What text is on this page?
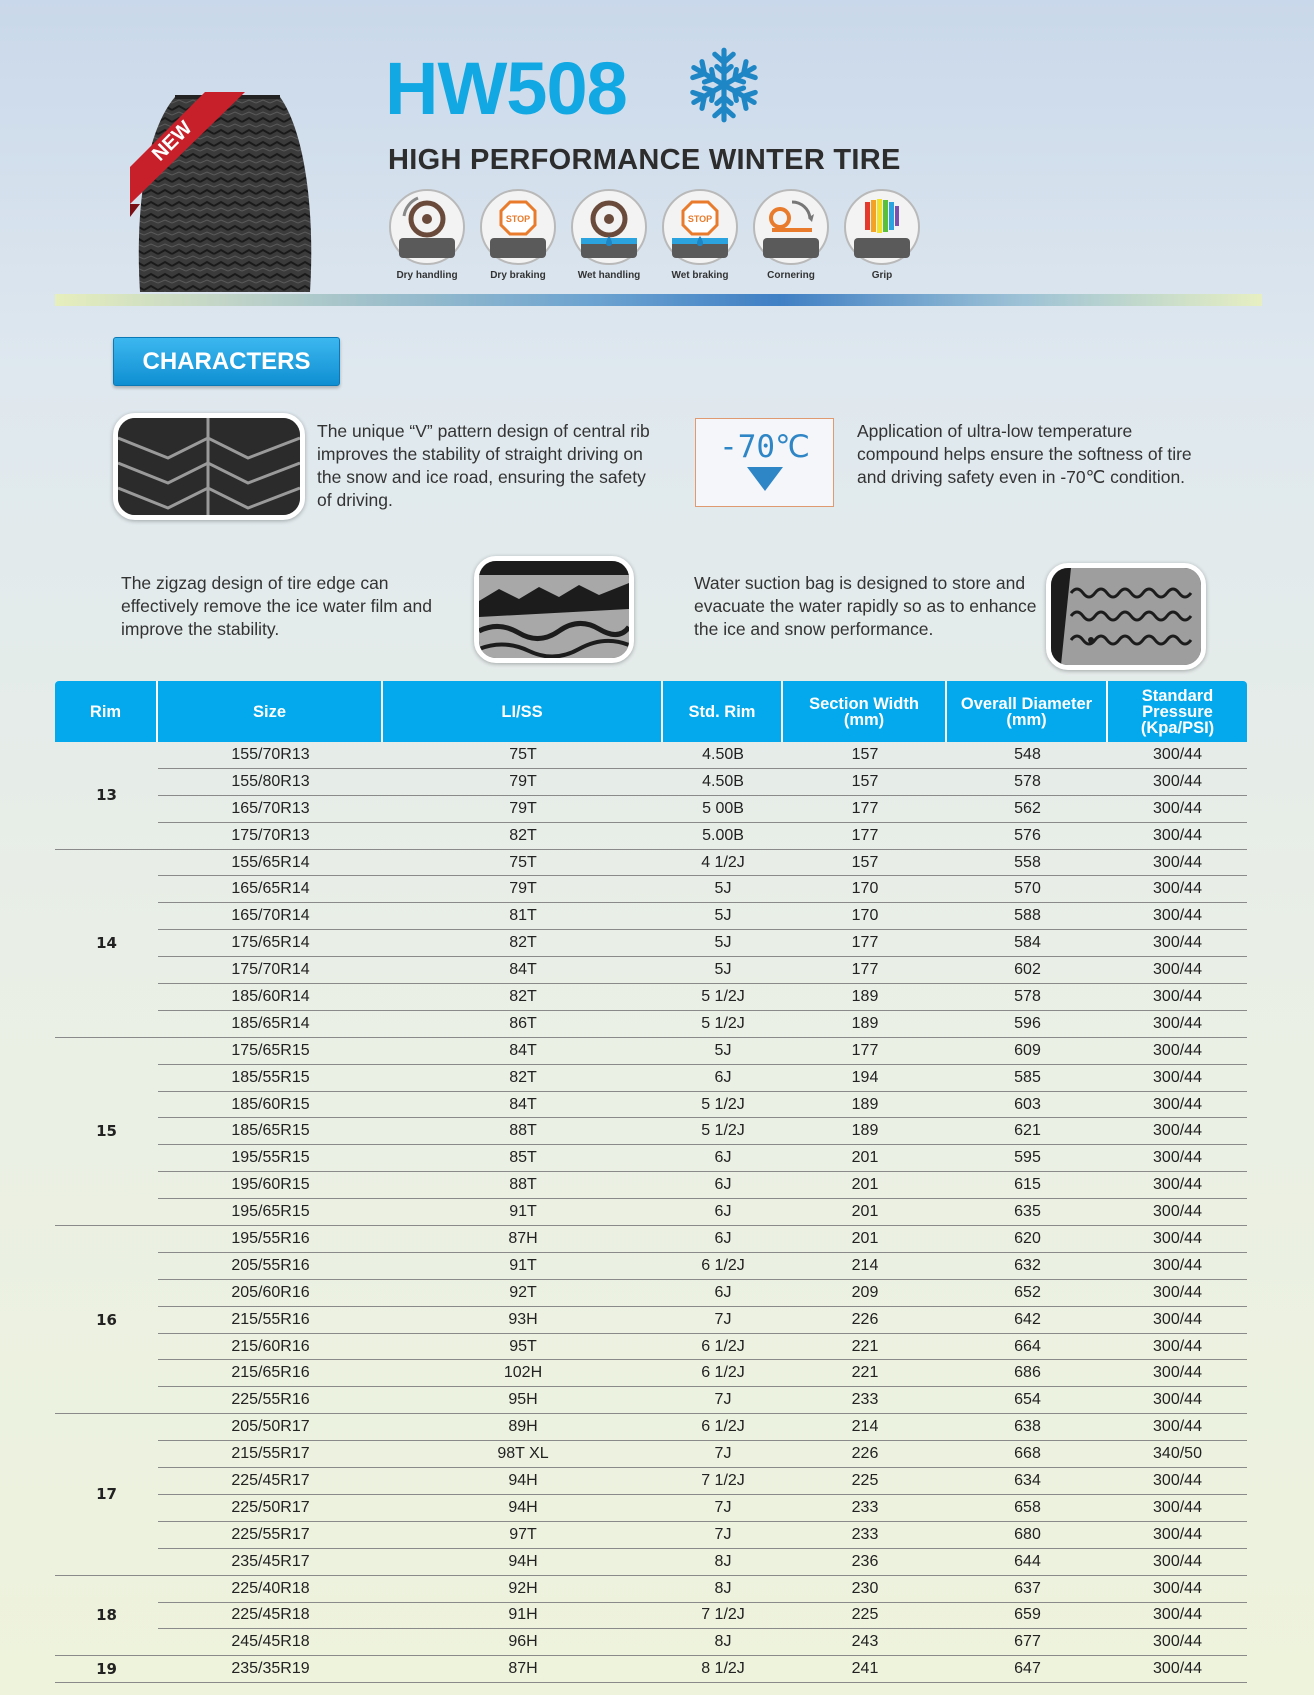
NEW
HW508
HIGH PERFORMANCE WINTER TIRE
Dry handling
STOP
Dry braking	Wet handling
STOP
Wet braking	Cornering	Grip
CHARACTERS
The unique “V” pattern design of central rib improves the stability of straight driving on the snow and ice road, ensuring the safety of driving.
-70℃	Application of ultra-low temperature compound helps ensure the softness of tire and driving safety even in -70℃ condition.
The zigzag design of tire edge can effectively remove the ice water film and improve the stability.
Water suction bag is designed to store and evacuate the water rapidly so as to enhance the ice and snow performance.
Rim	Size	LI/SS	Std. Rim	Section Width (mm)	Overall Diameter (mm)	Standard Pressure (Kpa/PSI)
13	155/70R13	75T	4.50B	157	548	300/44
	155/80R13	79T	4.50B	157	578	300/44
	165/70R13	79T	5 00B	177	562	300/44
	175/70R13	82T	5.00B	177	576	300/44
14	155/65R14	75T	4 1/2J	157	558	300/44
	165/65R14	79T	5J	170	570	300/44
	165/70R14	81T	5J	170	588	300/44
	175/65R14	82T	5J	177	584	300/44
	175/70R14	84T	5J	177	602	300/44
	185/60R14	82T	5 1/2J	189	578	300/44
	185/65R14	86T	5 1/2J	189	596	300/44
15	175/65R15	84T	5J	177	609	300/44
	185/55R15	82T	6J	194	585	300/44
	185/60R15	84T	5 1/2J	189	603	300/44
	185/65R15	88T	5 1/2J	189	621	300/44
	195/55R15	85T	6J	201	595	300/44
	195/60R15	88T	6J	201	615	300/44
	195/65R15	91T	6J	201	635	300/44
16	195/55R16	87H	6J	201	620	300/44
	205/55R16	91T	6 1/2J	214	632	300/44
	205/60R16	92T	6J	209	652	300/44
	215/55R16	93H	7J	226	642	300/44
	215/60R16	95T	6 1/2J	221	664	300/44
	215/65R16	102H	6 1/2J	221	686	300/44
	225/55R16	95H	7J	233	654	300/44
17	205/50R17	89H	6 1/2J	214	638	300/44
	215/55R17	98T XL	7J	226	668	340/50
	225/45R17	94H	7 1/2J	225	634	300/44
	225/50R17	94H	7J	233	658	300/44
	225/55R17	97T	7J	233	680	300/44
	235/45R17	94H	8J	236	644	300/44
18	225/40R18	92H	8J	230	637	300/44
	225/45R18	91H	7 1/2J	225	659	300/44
	245/45R18	96H	8J	243	677	300/44
19	235/35R19	87H	8 1/2J	241	647	300/44
